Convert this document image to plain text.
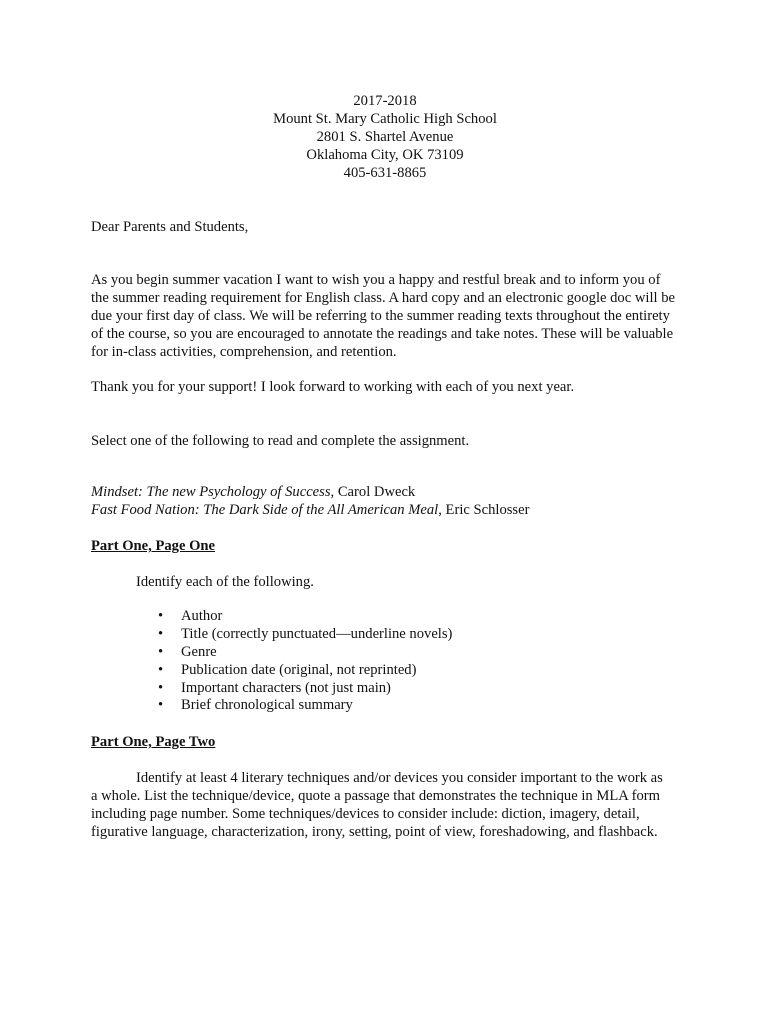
2017-2018
Mount St. Mary Catholic High School
2801 S. Shartel Avenue
Oklahoma City, OK 73109
405-631-8865
Dear Parents and Students,
As you begin summer vacation I want to wish you a happy and restful break and to inform you of the summer reading requirement for English class. A hard copy and an electronic google doc will be due your first day of class. We will be referring to the summer reading texts throughout the entirety of the course, so you are encouraged to annotate the readings and take notes. These will be valuable for in-class activities, comprehension, and retention.
Thank you for your support! I look forward to working with each of you next year.
Select one of the following to read and complete the assignment.
Mindset: The new Psychology of Success, Carol Dweck
Fast Food Nation: The Dark Side of the All American Meal, Eric Schlosser
Part One, Page One
Identify each of the following.
• Author
• Title (correctly punctuated—underline novels)
• Genre
• Publication date (original, not reprinted)
• Important characters (not just main)
• Brief chronological summary
Part One, Page Two
Identify at least 4 literary techniques and/or devices you consider important to the work as a whole. List the technique/device, quote a passage that demonstrates the technique in MLA form including page number. Some techniques/devices to consider include: diction, imagery, detail, figurative language, characterization, irony, setting, point of view, foreshadowing, and flashback.
